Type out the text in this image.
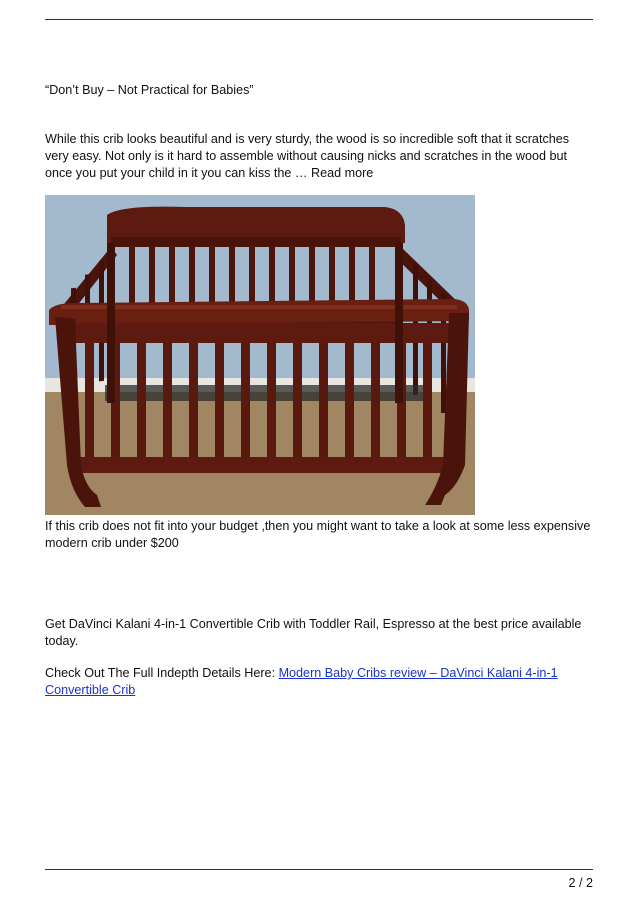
“Don’t Buy – Not Practical for Babies”

While this crib looks beautiful and is very sturdy, the wood is so incredible soft that it scratches very easy. Not only is it hard to assemble without causing nicks and scratches in the wood but once you put your child in it you can kiss the … Read more

If this crib does not fit into your budget ,then you might want to take a look at some less expensive modern crib under $200

Get DaVinci Kalani 4-in-1 Convertible Crib with Toddler Rail, Espresso at the best price available today.

Check Out The Full Indepth Details Here: Modern Baby Cribs review – DaVinci Kalani 4-in-1 Convertible Crib

2 / 2
